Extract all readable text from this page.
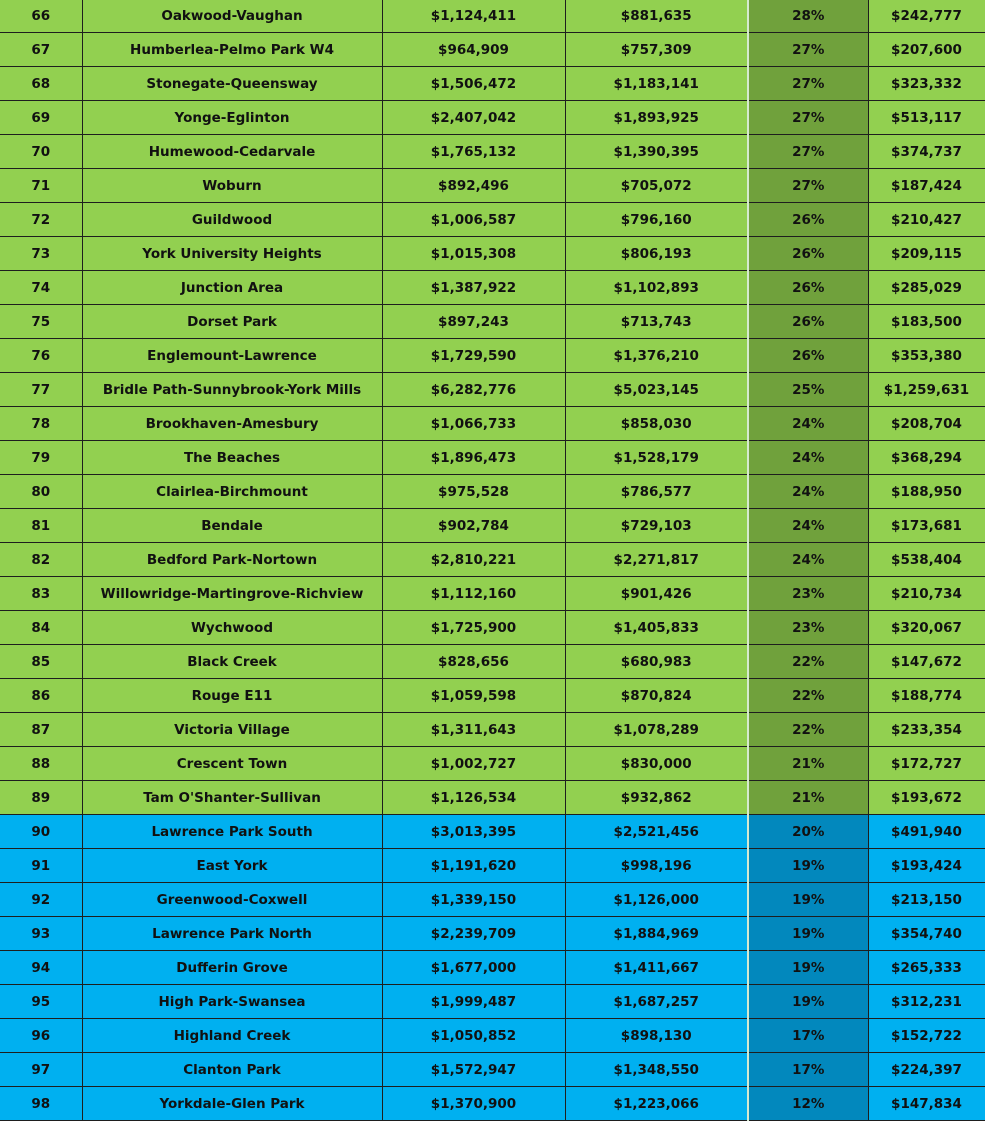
66	Oakwood-Vaughan	$1,124,411	$881,635	28%	$242,777
67	Humberlea-Pelmo Park W4	$964,909	$757,309	27%	$207,600
68	Stonegate-Queensway	$1,506,472	$1,183,141	27%	$323,332
69	Yonge-Eglinton	$2,407,042	$1,893,925	27%	$513,117
70	Humewood-Cedarvale	$1,765,132	$1,390,395	27%	$374,737
71	Woburn	$892,496	$705,072	27%	$187,424
72	Guildwood	$1,006,587	$796,160	26%	$210,427
73	York University Heights	$1,015,308	$806,193	26%	$209,115
74	Junction Area	$1,387,922	$1,102,893	26%	$285,029
75	Dorset Park	$897,243	$713,743	26%	$183,500
76	Englemount-Lawrence	$1,729,590	$1,376,210	26%	$353,380
77	Bridle Path-Sunnybrook-York Mills	$6,282,776	$5,023,145	25%	$1,259,631
78	Brookhaven-Amesbury	$1,066,733	$858,030	24%	$208,704
79	The Beaches	$1,896,473	$1,528,179	24%	$368,294
80	Clairlea-Birchmount	$975,528	$786,577	24%	$188,950
81	Bendale	$902,784	$729,103	24%	$173,681
82	Bedford Park-Nortown	$2,810,221	$2,271,817	24%	$538,404
83	Willowridge-Martingrove-Richview	$1,112,160	$901,426	23%	$210,734
84	Wychwood	$1,725,900	$1,405,833	23%	$320,067
85	Black Creek	$828,656	$680,983	22%	$147,672
86	Rouge E11	$1,059,598	$870,824	22%	$188,774
87	Victoria Village	$1,311,643	$1,078,289	22%	$233,354
88	Crescent Town	$1,002,727	$830,000	21%	$172,727
89	Tam O'Shanter-Sullivan	$1,126,534	$932,862	21%	$193,672
90	Lawrence Park South	$3,013,395	$2,521,456	20%	$491,940
91	East York	$1,191,620	$998,196	19%	$193,424
92	Greenwood-Coxwell	$1,339,150	$1,126,000	19%	$213,150
93	Lawrence Park North	$2,239,709	$1,884,969	19%	$354,740
94	Dufferin Grove	$1,677,000	$1,411,667	19%	$265,333
95	High Park-Swansea	$1,999,487	$1,687,257	19%	$312,231
96	Highland Creek	$1,050,852	$898,130	17%	$152,722
97	Clanton Park	$1,572,947	$1,348,550	17%	$224,397
98	Yorkdale-Glen Park	$1,370,900	$1,223,066	12%	$147,834
